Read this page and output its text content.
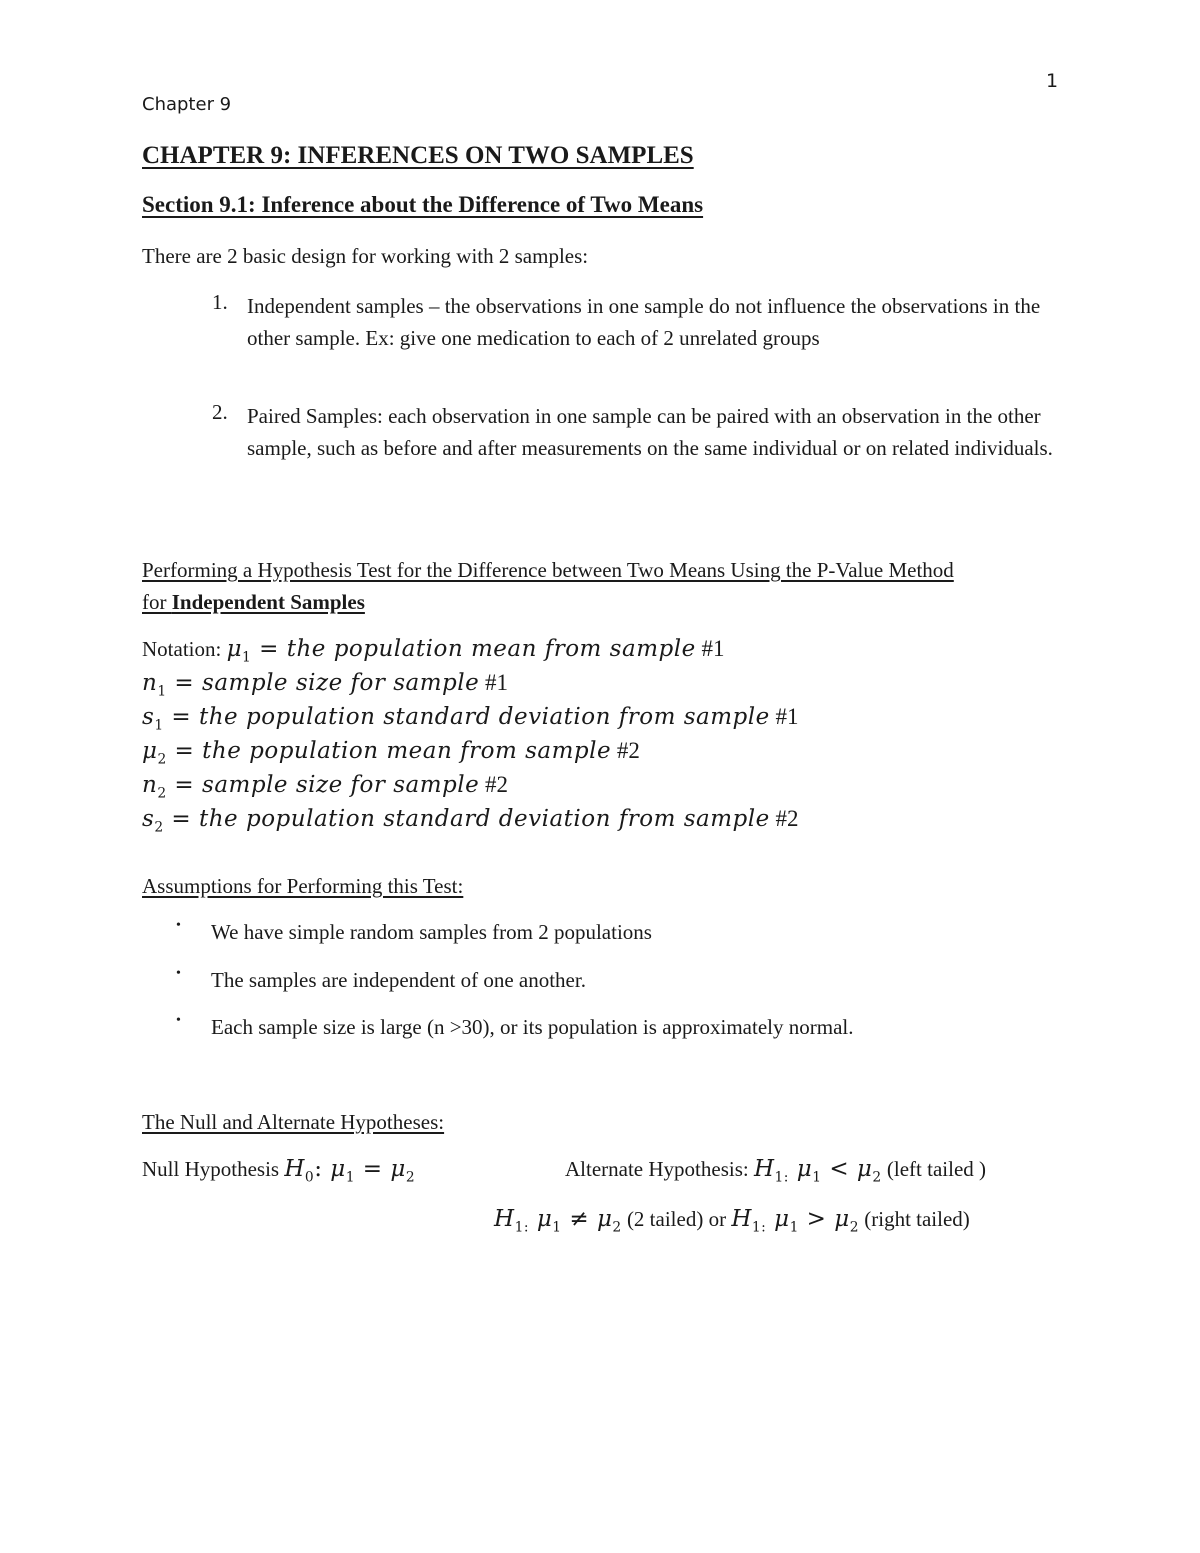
1
Chapter 9
CHAPTER 9: INFERENCES ON TWO SAMPLES
Section 9.1: Inference about the Difference of Two Means
There are 2 basic design for working with 2 samples:
1. Independent samples – the observations in one sample do not influence the observations in the other sample. Ex: give one medication to each of 2 unrelated groups
2. Paired Samples: each observation in one sample can be paired with an observation in the other sample, such as before and after measurements on the same individual or on related individuals.
Performing a Hypothesis Test for the Difference between Two Means Using the P-Value Method
for Independent Samples
Notation: $\mu_1$ = the population mean from sample #1
$n_1$ = sample size for sample #1
$s_1$ = the population standard deviation from sample #1
$\mu_2$ = the population mean from sample #2
$n_2$ = sample size for sample #2
$s_2$ = the population standard deviation from sample #2
Assumptions for Performing this Test:
• We have simple random samples from 2 populations
• The samples are independent of one another.
• Each sample size is large (n >30), or its population is approximately normal.
The Null and Alternate Hypotheses:
Null Hypothesis $H_0$: $\mu_1 = \mu_2$	Alternate Hypothesis: $H_{1:}$ $\mu_1 < \mu_2$ (left tailed )
$H_{1:}$ $\mu_1 \ne \mu_2$ (2 tailed) or $H_{1:}$ $\mu_1 > \mu_2$ (right tailed)
